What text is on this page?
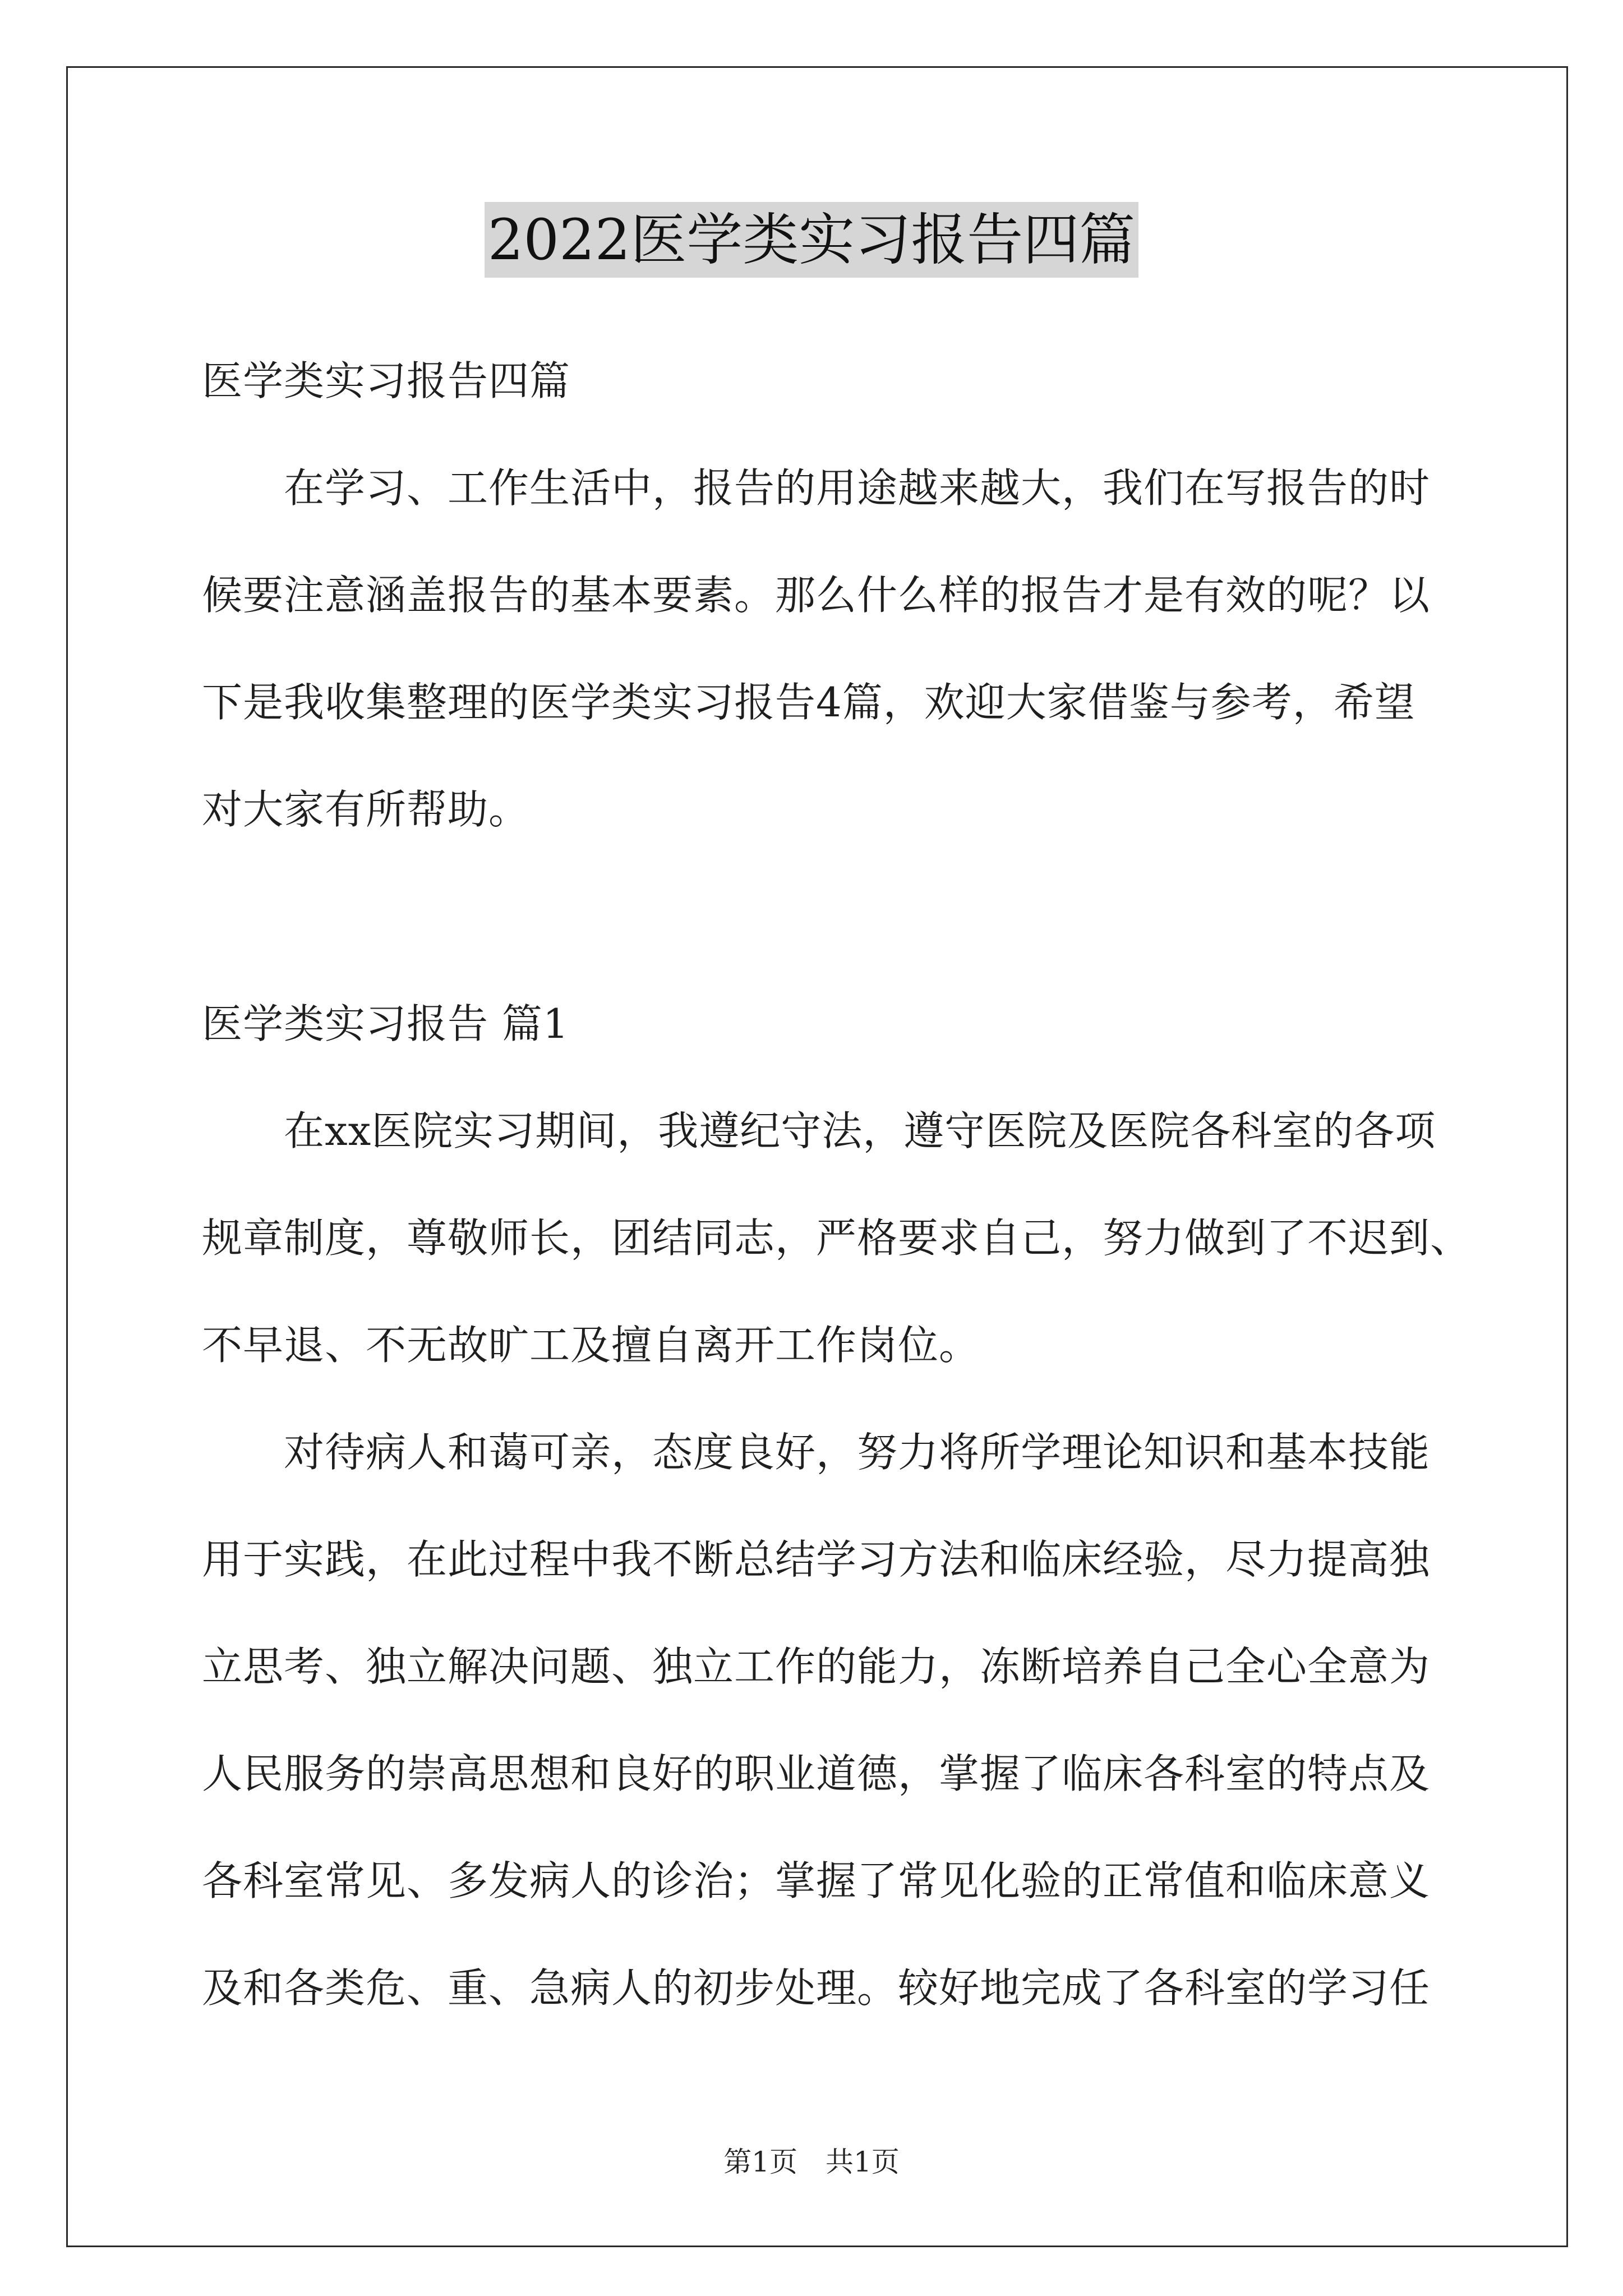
2022医学类实习报告四篇
医学类实习报告四篇
在学习、工作生活中，报告的用途越来越大，我们在写报告的时
候要注意涵盖报告的基本要素。那么什么样的报告才是有效的呢？以
下是我收集整理的医学类实习报告4篇，欢迎大家借鉴与参考，希望
对大家有所帮助。
医学类实习报告 篇1
在xx医院实习期间，我遵纪守法，遵守医院及医院各科室的各项
规章制度，尊敬师长，团结同志，严格要求自己，努力做到了不迟到、
不早退、不无故旷工及擅自离开工作岗位。
对待病人和蔼可亲，态度良好，努力将所学理论知识和基本技能
用于实践，在此过程中我不断总结学习方法和临床经验，尽力提高独
立思考、独立解决问题、独立工作的能力，冻断培养自己全心全意为
人民服务的崇高思想和良好的职业道德，掌握了临床各科室的特点及
各科室常见、多发病人的诊治；掌握了常见化验的正常值和临床意义
及和各类危、重、急病人的初步处理。较好地完成了各科室的学习任
第1页　共1页
